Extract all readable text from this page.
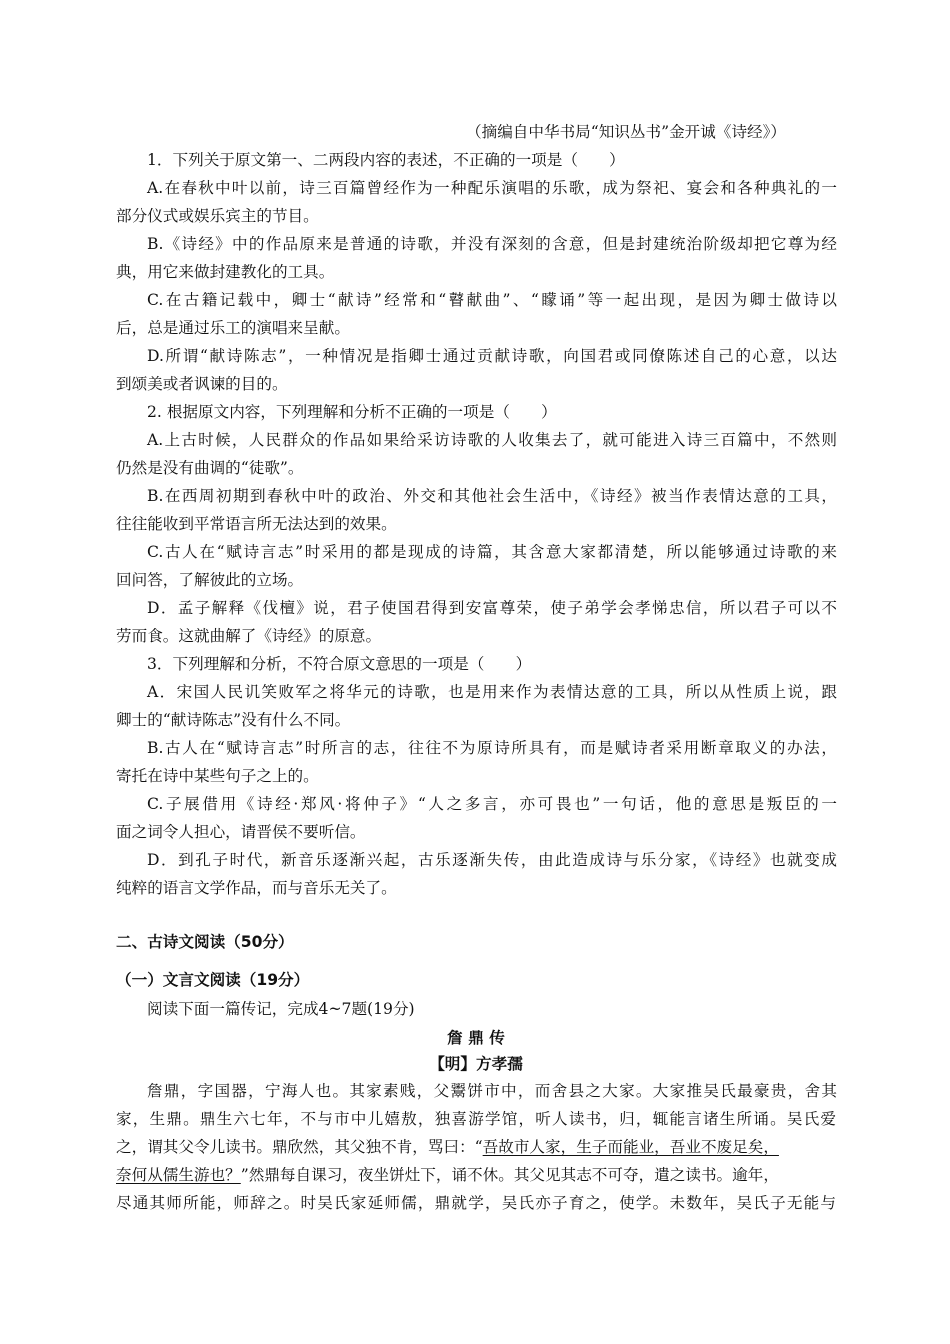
（摘编自中华书局“知识丛书”金开诚《诗经》）
1．下列关于原文第一、二两段内容的表述，不正确的一项是（　　）
A.在春秋中叶以前，诗三百篇曾经作为一种配乐演唱的乐歌，成为祭祀、宴会和各种典礼的一
部分仪式或娱乐宾主的节目。
B.《诗经》中的作品原来是普通的诗歌，并没有深刻的含意，但是封建统治阶级却把它尊为经
典，用它来做封建教化的工具。
C.在古籍记载中，卿士“献诗”经常和“瞽献曲”、“矇诵”等一起出现，是因为卿士做诗以
后，总是通过乐工的演唱来呈献。
D.所谓“献诗陈志”，一种情况是指卿士通过贡献诗歌，向国君或同僚陈述自己的心意，以达
到颂美或者讽谏的目的。
2. 根据原文内容，下列理解和分析不正确的一项是（　　）
A.上古时候，人民群众的作品如果给采访诗歌的人收集去了，就可能进入诗三百篇中，不然则
仍然是没有曲调的“徒歌”。
B.在西周初期到春秋中叶的政治、外交和其他社会生活中，《诗经》被当作表情达意的工具，
往往能收到平常语言所无法达到的效果。
C.古人在“赋诗言志”时采用的都是现成的诗篇，其含意大家都清楚，所以能够通过诗歌的来
回问答，了解彼此的立场。
D．孟子解释《伐檀》说，君子使国君得到安富尊荣，使子弟学会孝悌忠信，所以君子可以不
劳而食。这就曲解了《诗经》的原意。
3．下列理解和分析，不符合原文意思的一项是（　　）
A．宋国人民讥笑败军之将华元的诗歌，也是用来作为表情达意的工具，所以从性质上说，跟
卿士的“献诗陈志”没有什么不同。
B.古人在“赋诗言志”时所言的志，往往不为原诗所具有，而是赋诗者采用断章取义的办法，
寄托在诗中某些句子之上的。
C.子展借用《诗经·郑风·将仲子》“人之多言，亦可畏也”一句话，他的意思是叛臣的一
面之词令人担心，请晋侯不要听信。
D．到孔子时代，新音乐逐渐兴起，古乐逐渐失传，由此造成诗与乐分家，《诗经》也就变成
纯粹的语言文学作品，而与音乐无关了。
二、古诗文阅读（50分）
（一）文言文阅读（19分）
阅读下面一篇传记，完成4~7题(19分)
詹 鼎 传
【明】方孝孺
詹鼎，字国器，宁海人也。其家素贱，父鬻饼市中，而舍县之大家。大家推吴氏最豪贵，舍其
家，生鼎。鼎生六七年，不与市中儿嬉敖，独喜游学馆，听人读书，归，辄能言诸生所诵。吴氏爱
之，谓其父令儿读书。鼎欣然，其父独不肯，骂曰：“吾故市人家，生子而能业，吾业不废足矣，
奈何从儒生游也？”然鼎每自课习，夜坐饼灶下，诵不休。其父见其志不可夺，遣之读书。逾年，
尽通其师所能，师辞之。时吴氏家延师儒，鼎就学，吴氏亦子育之，使学。未数年，吴氏子无能与
